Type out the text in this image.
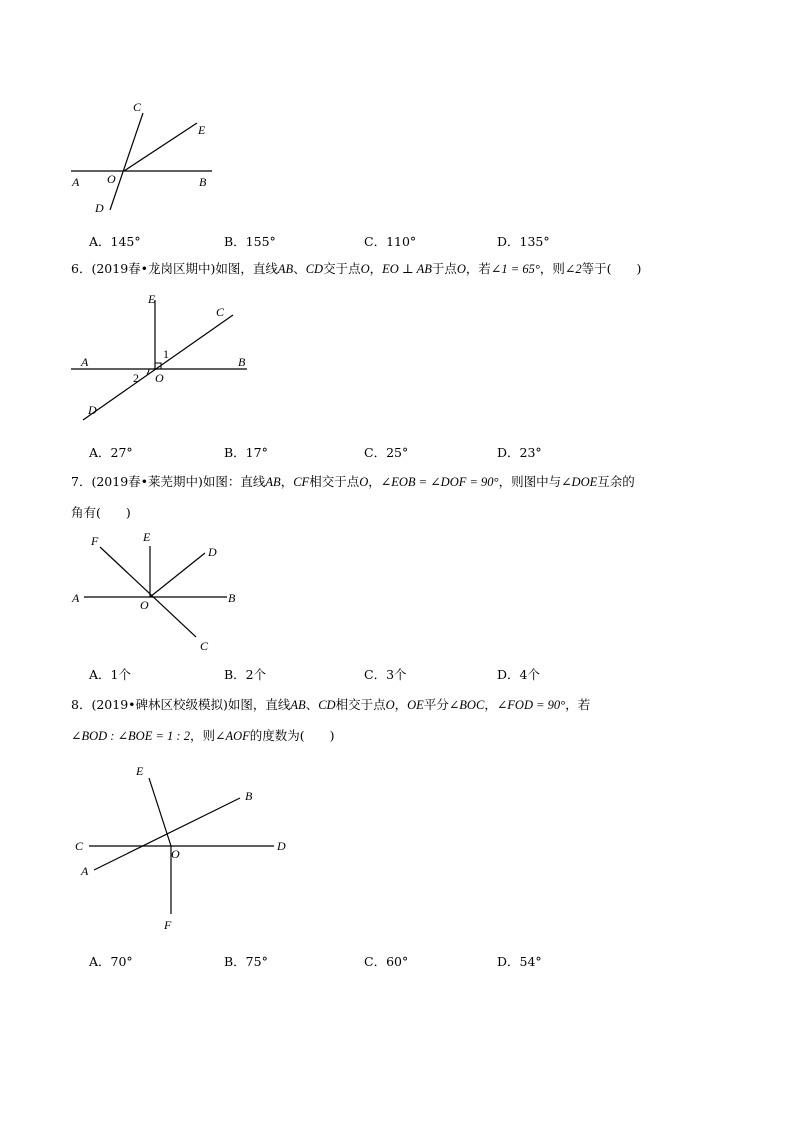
C
E
A O	B
D
A．145°	B．155°	C．110°	D．135°
6．(2019春•龙岗区期中)如图，直线AB、CD交于点O，EO ⊥ AB于点O，若∠1 = 65°，则∠2等于(　　)
E
C
1
A	B
2 O
D
A．27°	B．17°	C．25°	D．23°
7．(2019春•莱芜期中)如图：直线AB，CF相交于点O，∠EOB = ∠DOF = 90°，则图中与∠DOE互余的
角有(　　)
F	E
D
A	O	B
C
A．1个	B．2个	C．3个	D．4个
8．(2019•碑林区校级模拟)如图，直线AB、CD相交于点O，OE平分∠BOC，∠FOD = 90°，若
∠BOD : ∠BOE = 1 : 2，则∠AOF的度数为(　　)
E
B
C
O
D
A
F
A．70°	B．75°	C．60°	D．54°
